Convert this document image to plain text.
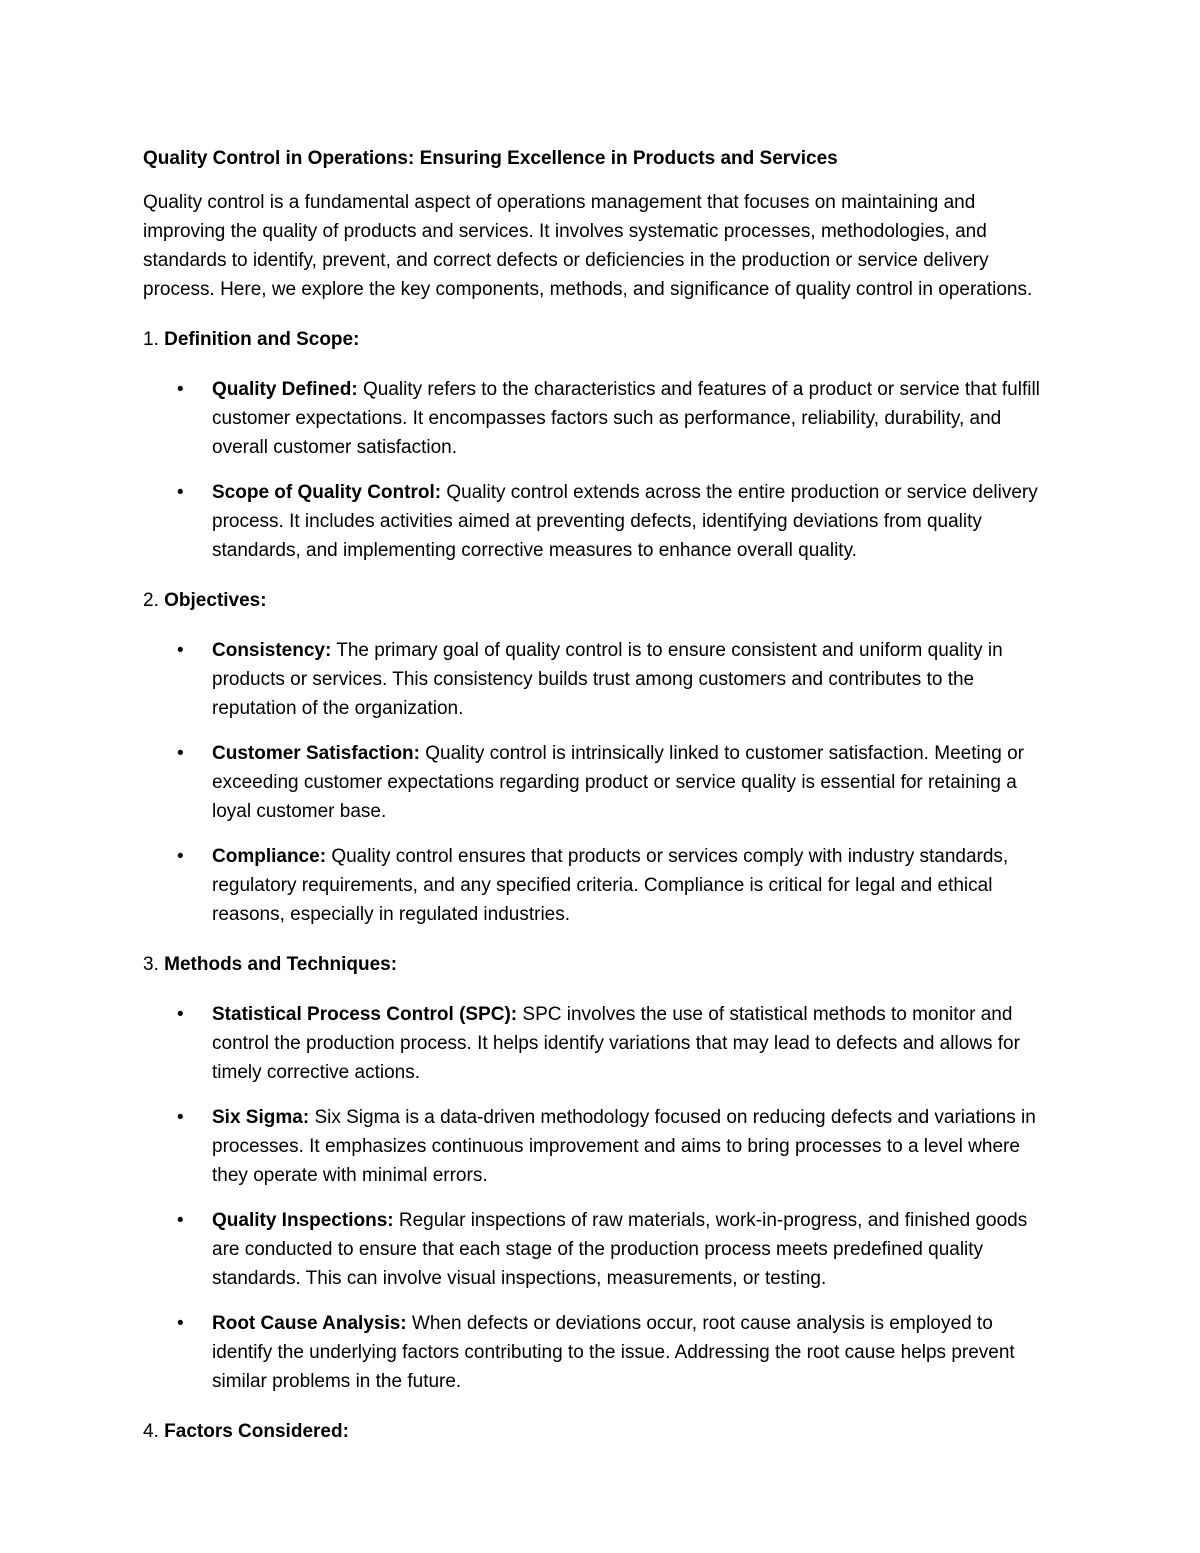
Quality Control in Operations: Ensuring Excellence in Products and Services

Quality control is a fundamental aspect of operations management that focuses on maintaining and improving the quality of products and services. It involves systematic processes, methodologies, and standards to identify, prevent, and correct defects or deficiencies in the production or service delivery process. Here, we explore the key components, methods, and significance of quality control in operations.

1. Definition and Scope:
• Quality Defined: Quality refers to the characteristics and features of a product or service that fulfill customer expectations. It encompasses factors such as performance, reliability, durability, and overall customer satisfaction.
• Scope of Quality Control: Quality control extends across the entire production or service delivery process. It includes activities aimed at preventing defects, identifying deviations from quality standards, and implementing corrective measures to enhance overall quality.
2. Objectives:
• Consistency: The primary goal of quality control is to ensure consistent and uniform quality in products or services. This consistency builds trust among customers and contributes to the reputation of the organization.
• Customer Satisfaction: Quality control is intrinsically linked to customer satisfaction. Meeting or exceeding customer expectations regarding product or service quality is essential for retaining a loyal customer base.
• Compliance: Quality control ensures that products or services comply with industry standards, regulatory requirements, and any specified criteria. Compliance is critical for legal and ethical reasons, especially in regulated industries.
3. Methods and Techniques:
• Statistical Process Control (SPC): SPC involves the use of statistical methods to monitor and control the production process. It helps identify variations that may lead to defects and allows for timely corrective actions.
• Six Sigma: Six Sigma is a data-driven methodology focused on reducing defects and variations in processes. It emphasizes continuous improvement and aims to bring processes to a level where they operate with minimal errors.
• Quality Inspections: Regular inspections of raw materials, work-in-progress, and finished goods are conducted to ensure that each stage of the production process meets predefined quality standards. This can involve visual inspections, measurements, or testing.
• Root Cause Analysis: When defects or deviations occur, root cause analysis is employed to identify the underlying factors contributing to the issue. Addressing the root cause helps prevent similar problems in the future.
4. Factors Considered:
